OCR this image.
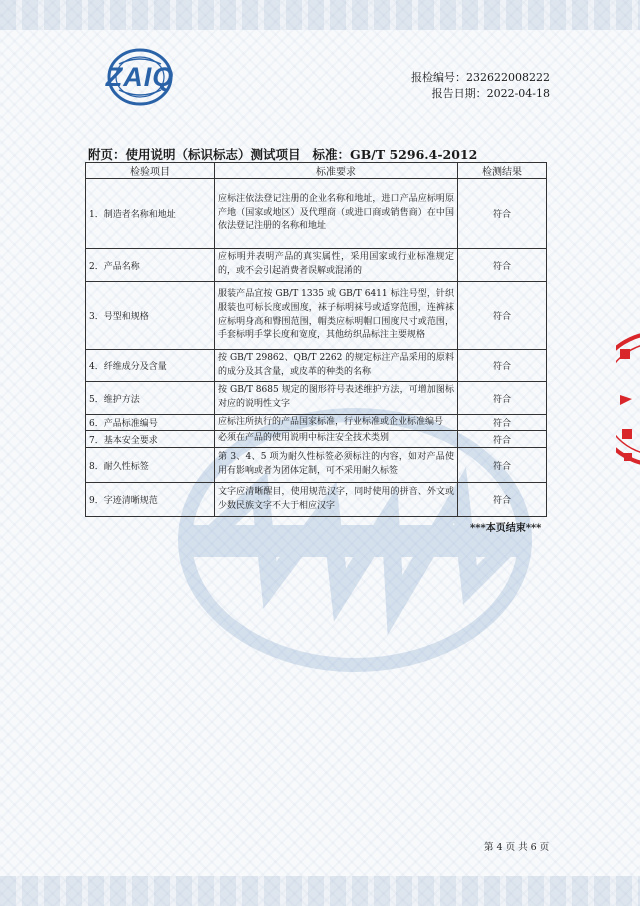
ZAIQ	报检编号：232622008222
报告日期：2022-04-18
附页：使用说明（标识标志）测试项目 标准：GB/T 5296.4-2012
检验项目	标准要求	检测结果
1．制造者名称和地址	应标注依法登记注册的企业名称和地址，进口产品应标明原产地（国家或地区）及代理商（或进口商或销售商）在中国依法登记注册的名称和地址	符合
2．产品名称	应标明并表明产品的真实属性，采用国家或行业标准规定的，或不会引起消费者误解或混淆的	符合
3．号型和规格	服装产品宜按 GB/T 1335 或 GB/T 6411 标注号型，针织服装也可标长度或围度，袜子标明袜号或适穿范围，连裤袜应标明身高和臀围范围，帽类应标明帽口围度尺寸或范围，手套标明手掌长度和宽度，其他纺织品标注主要规格	符合
4．纤维成分及含量	按 GB/T 29862、QB/T 2262 的规定标注产品采用的原料的成分及其含量，或皮革的种类的名称	符合
5．维护方法	按 GB/T 8685 规定的图形符号表述维护方法，可增加图标对应的说明性文字	符合
6．产品标准编号	应标注所执行的产品国家标准，行业标准或企业标准编号	符合
7．基本安全要求	必须在产品的使用说明中标注安全技术类别	符合
8．耐久性标签	第 3、4、5 项为耐久性标签必须标注的内容，如对产品使用有影响或者为团体定制，可不采用耐久标签	符合
9．字迹清晰规范	文字应清晰醒目，使用规范汉字，同时使用的拼音、外文或少数民族文字不大于相应汉字	符合
***本页结束***
第 4 页 共 6 页
